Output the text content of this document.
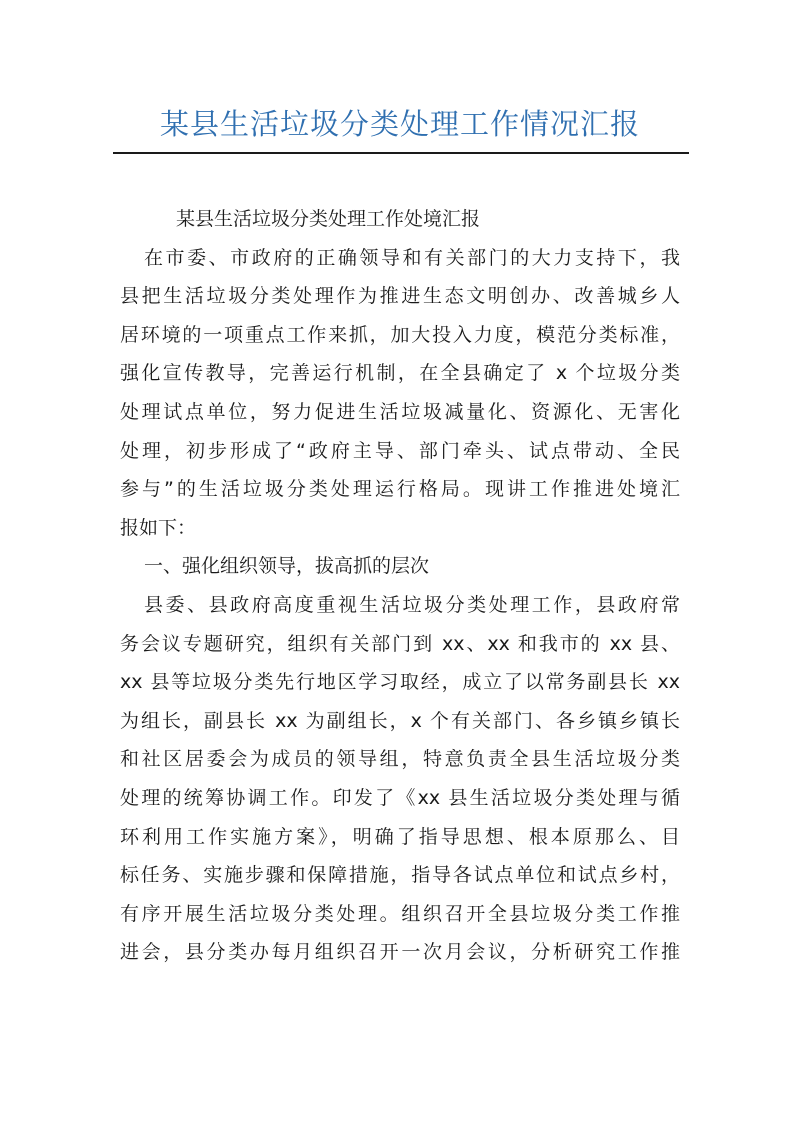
某县生活垃圾分类处理工作情况汇报
某县生活垃圾分类处理工作处境汇报
在市委、市政府的正确领导和有关部门的大力支持下，我
县把生活垃圾分类处理作为推进生态文明创办、改善城乡人
居环境的一项重点工作来抓，加大投入力度，模范分类标准，
强化宣传教导，完善运行机制，在全县确定了 x 个垃圾分类
处理试点单位，努力促进生活垃圾减量化、资源化、无害化
处理，初步形成了“政府主导、部门牵头、试点带动、全民
参与”的生活垃圾分类处理运行格局。现讲工作推进处境汇
报如下：
一、强化组织领导，拔高抓的层次
县委、县政府高度重视生活垃圾分类处理工作，县政府常
务会议专题研究，组织有关部门到 xx、xx 和我市的 xx 县、
xx 县等垃圾分类先行地区学习取经，成立了以常务副县长 xx
为组长，副县长 xx 为副组长，x 个有关部门、各乡镇乡镇长
和社区居委会为成员的领导组，特意负责全县生活垃圾分类
处理的统筹协调工作。印发了《xx 县生活垃圾分类处理与循
环利用工作实施方案》，明确了指导思想、根本原那么、目
标任务、实施步骤和保障措施，指导各试点单位和试点乡村，
有序开展生活垃圾分类处理。组织召开全县垃圾分类工作推
进会，县分类办每月组织召开一次月会议，分析研究工作推
